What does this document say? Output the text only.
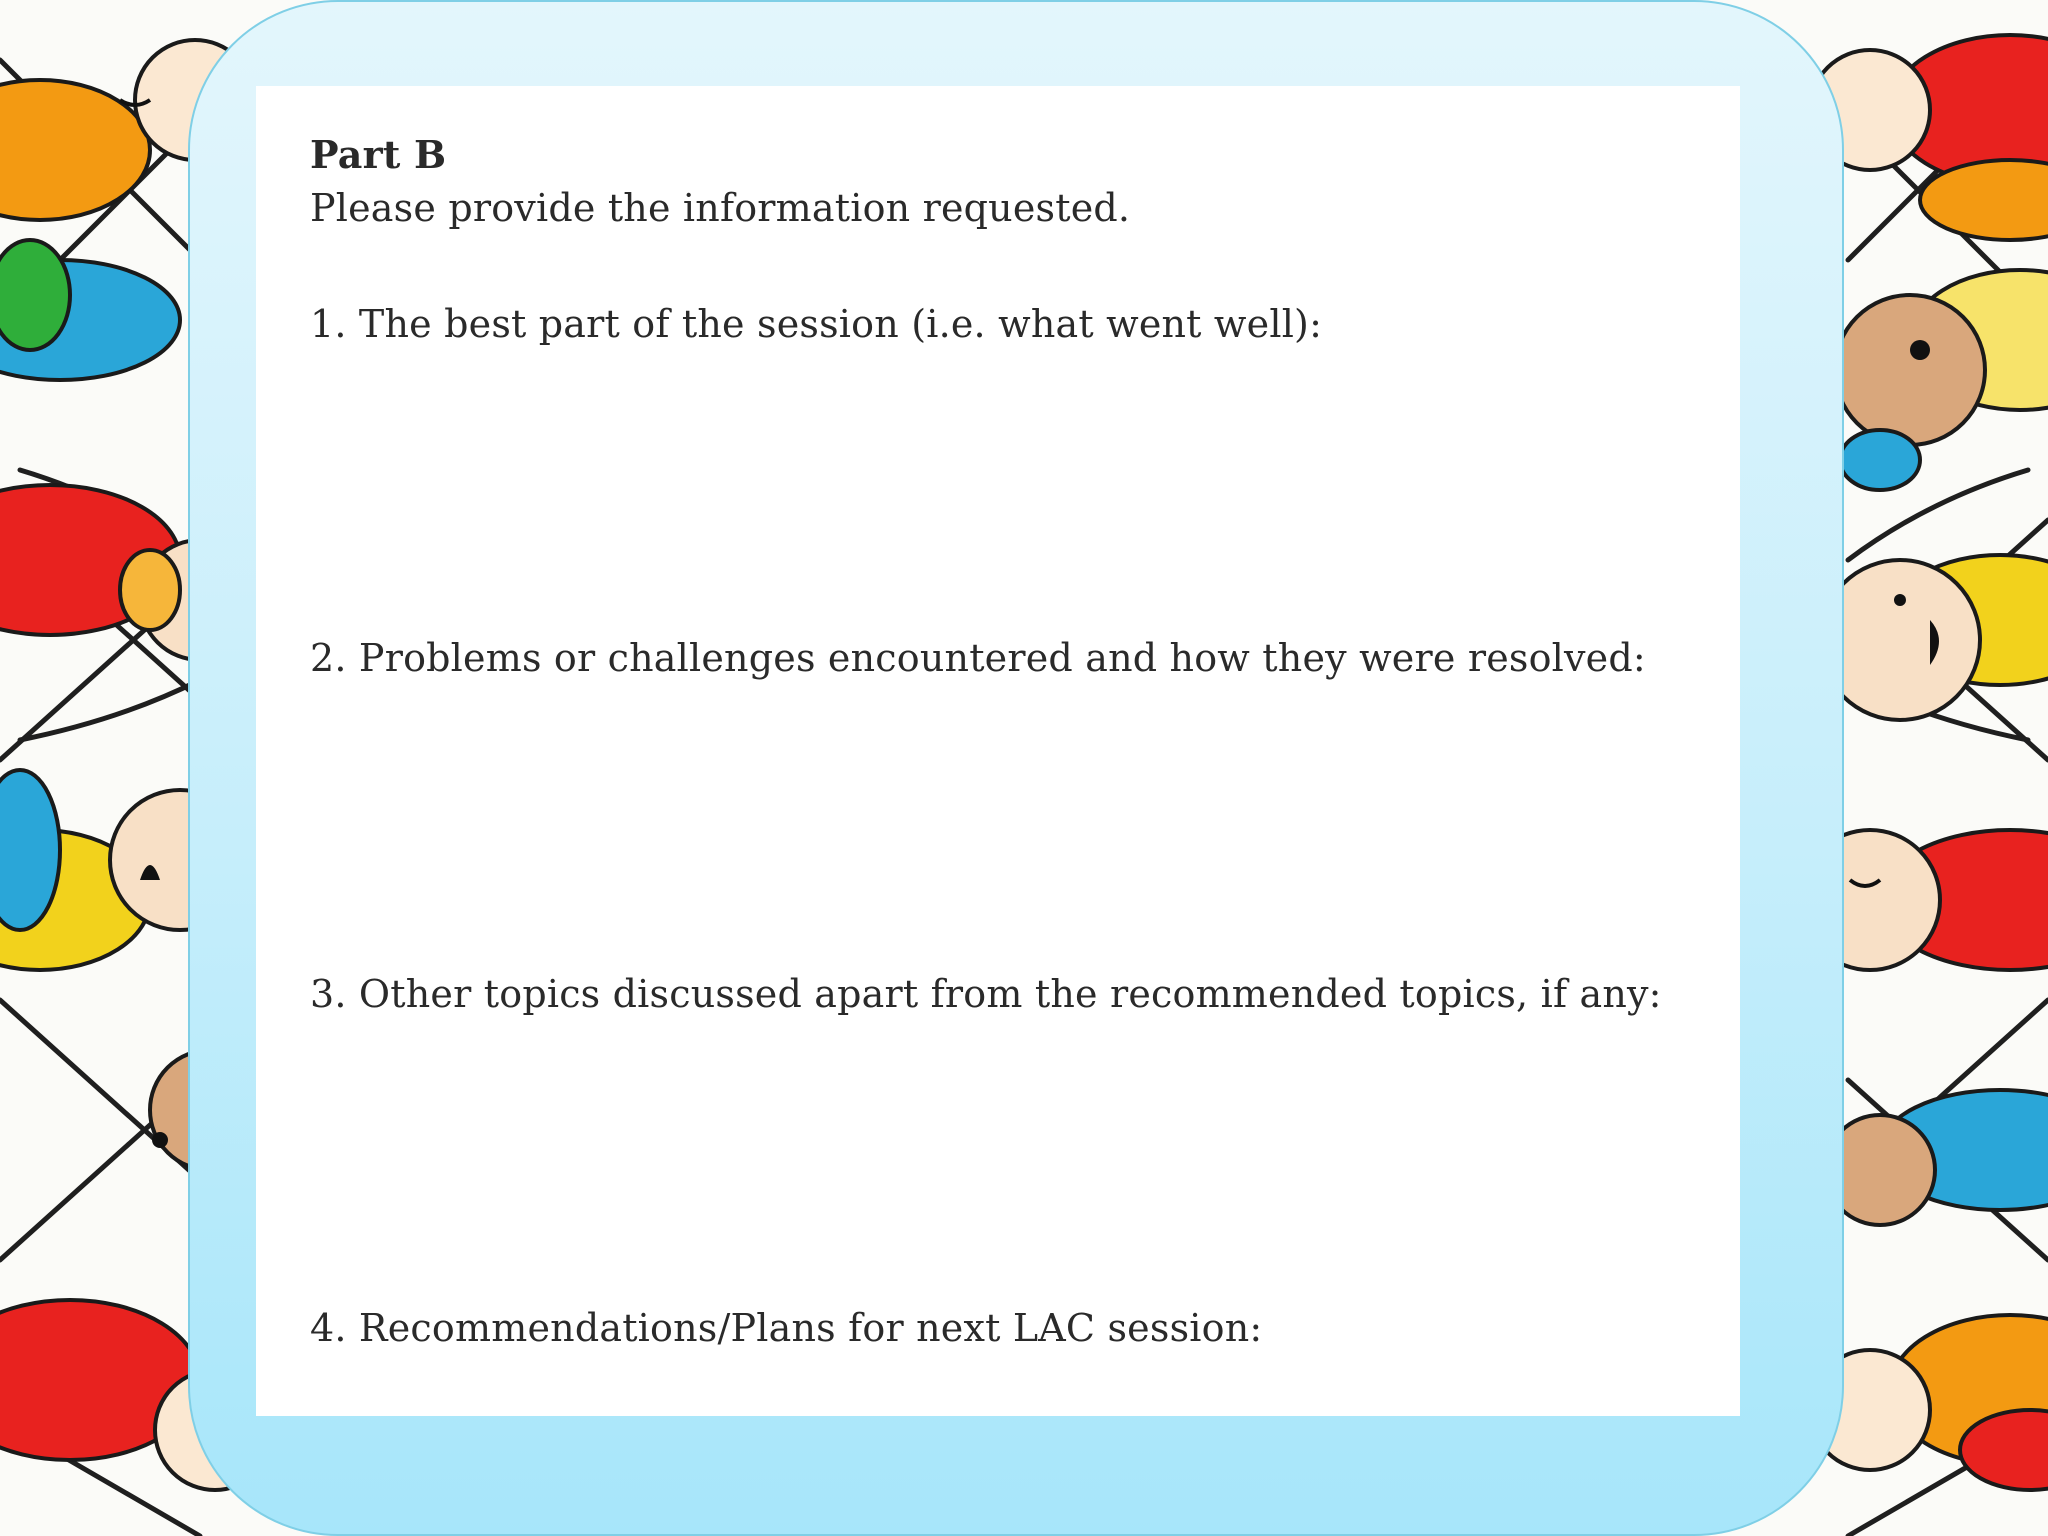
Part B

Please provide the information requested.

1. The best part of the session (i.e. what went well):

2. Problems or challenges encountered and how they were resolved:

3. Other topics discussed apart from the recommended topics, if any:

4. Recommendations/Plans for next LAC session:
